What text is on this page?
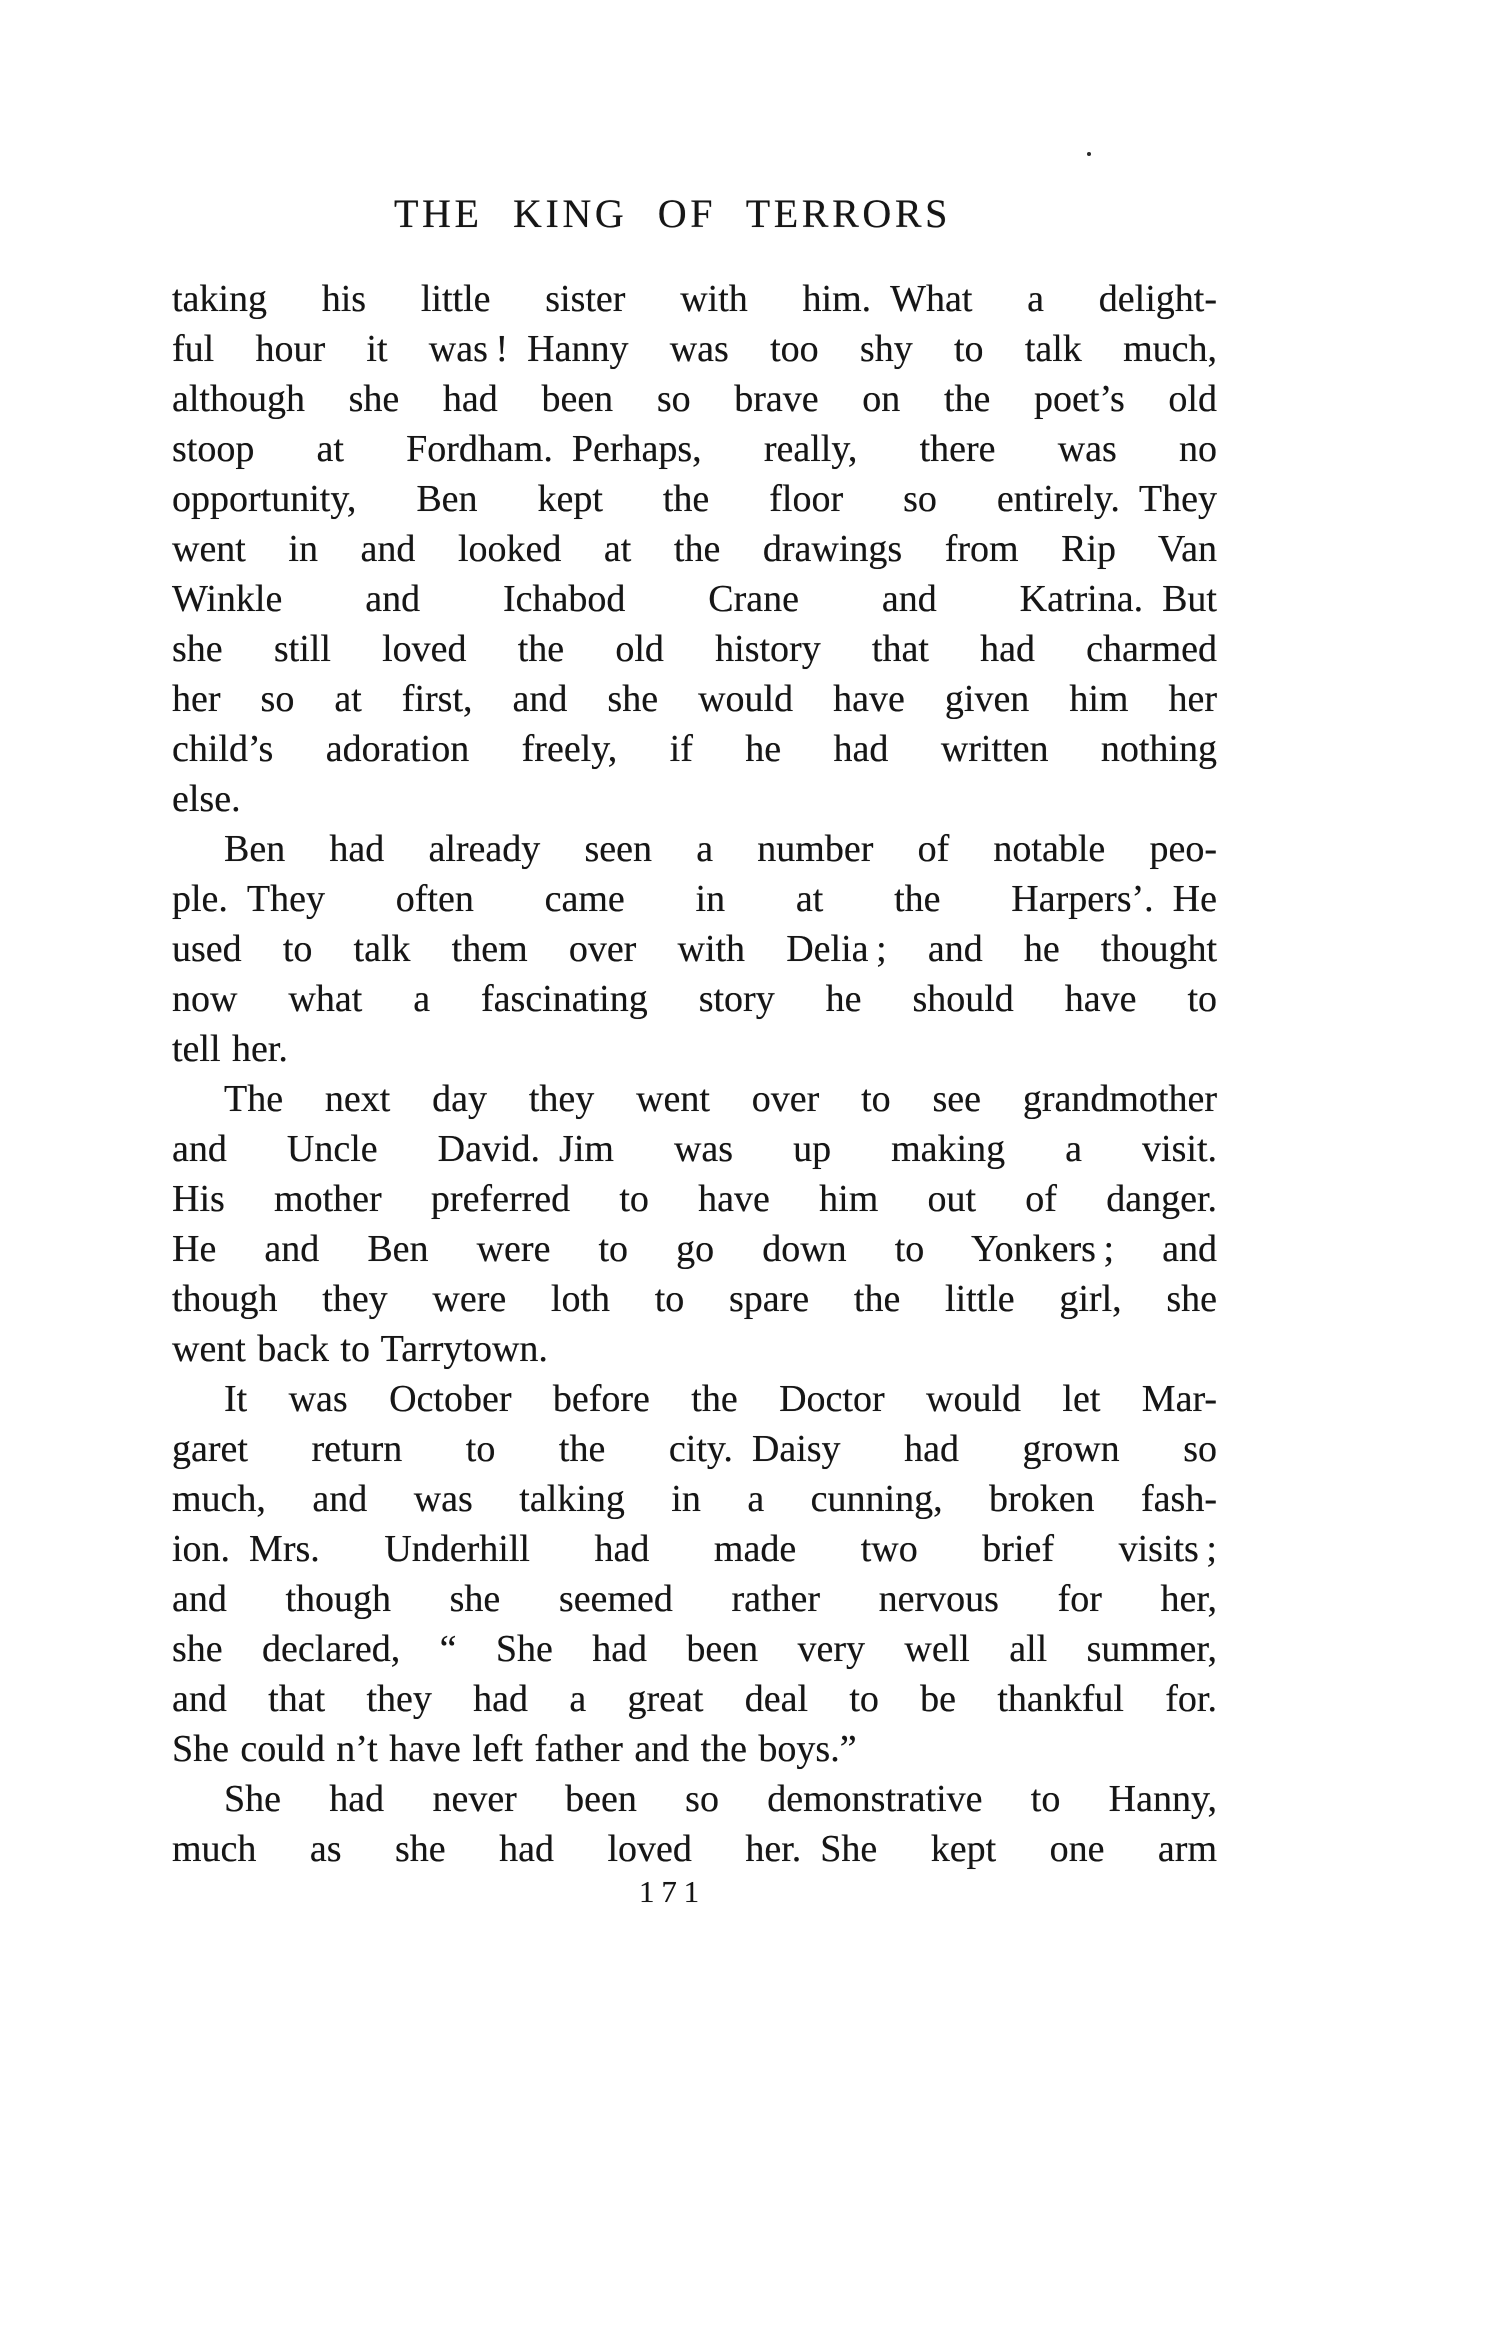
THE KING OF TERRORS
taking his little sister with him. What a delight-
ful hour it was ! Hanny was too shy to talk much,
although she had been so brave on the poet’s old
stoop at Fordham. Perhaps, really, there was no
opportunity, Ben kept the floor so entirely. They
went in and looked at the drawings from Rip Van
Winkle and Ichabod Crane and Katrina. But
she still loved the old history that had charmed
her so at first, and she would have given him her
child’s adoration freely, if he had written nothing
else.
Ben had already seen a number of notable peo-
ple. They often came in at the Harpers’. He
used to talk them over with Delia ; and he thought
now what a fascinating story he should have to
tell her.
The next day they went over to see grandmother
and Uncle David. Jim was up making a visit.
His mother preferred to have him out of danger.
He and Ben were to go down to Yonkers ; and
though they were loth to spare the little girl, she
went back to Tarrytown.
It was October before the Doctor would let Mar-
garet return to the city. Daisy had grown so
much, and was talking in a cunning, broken fash-
ion. Mrs. Underhill had made two brief visits ;
and though she seemed rather nervous for her,
she declared, “ She had been very well all summer,
and that they had a great deal to be thankful for.
She could n’t have left father and the boys.”
She had never been so demonstrative to Hanny,
much as she had loved her. She kept one arm
171
